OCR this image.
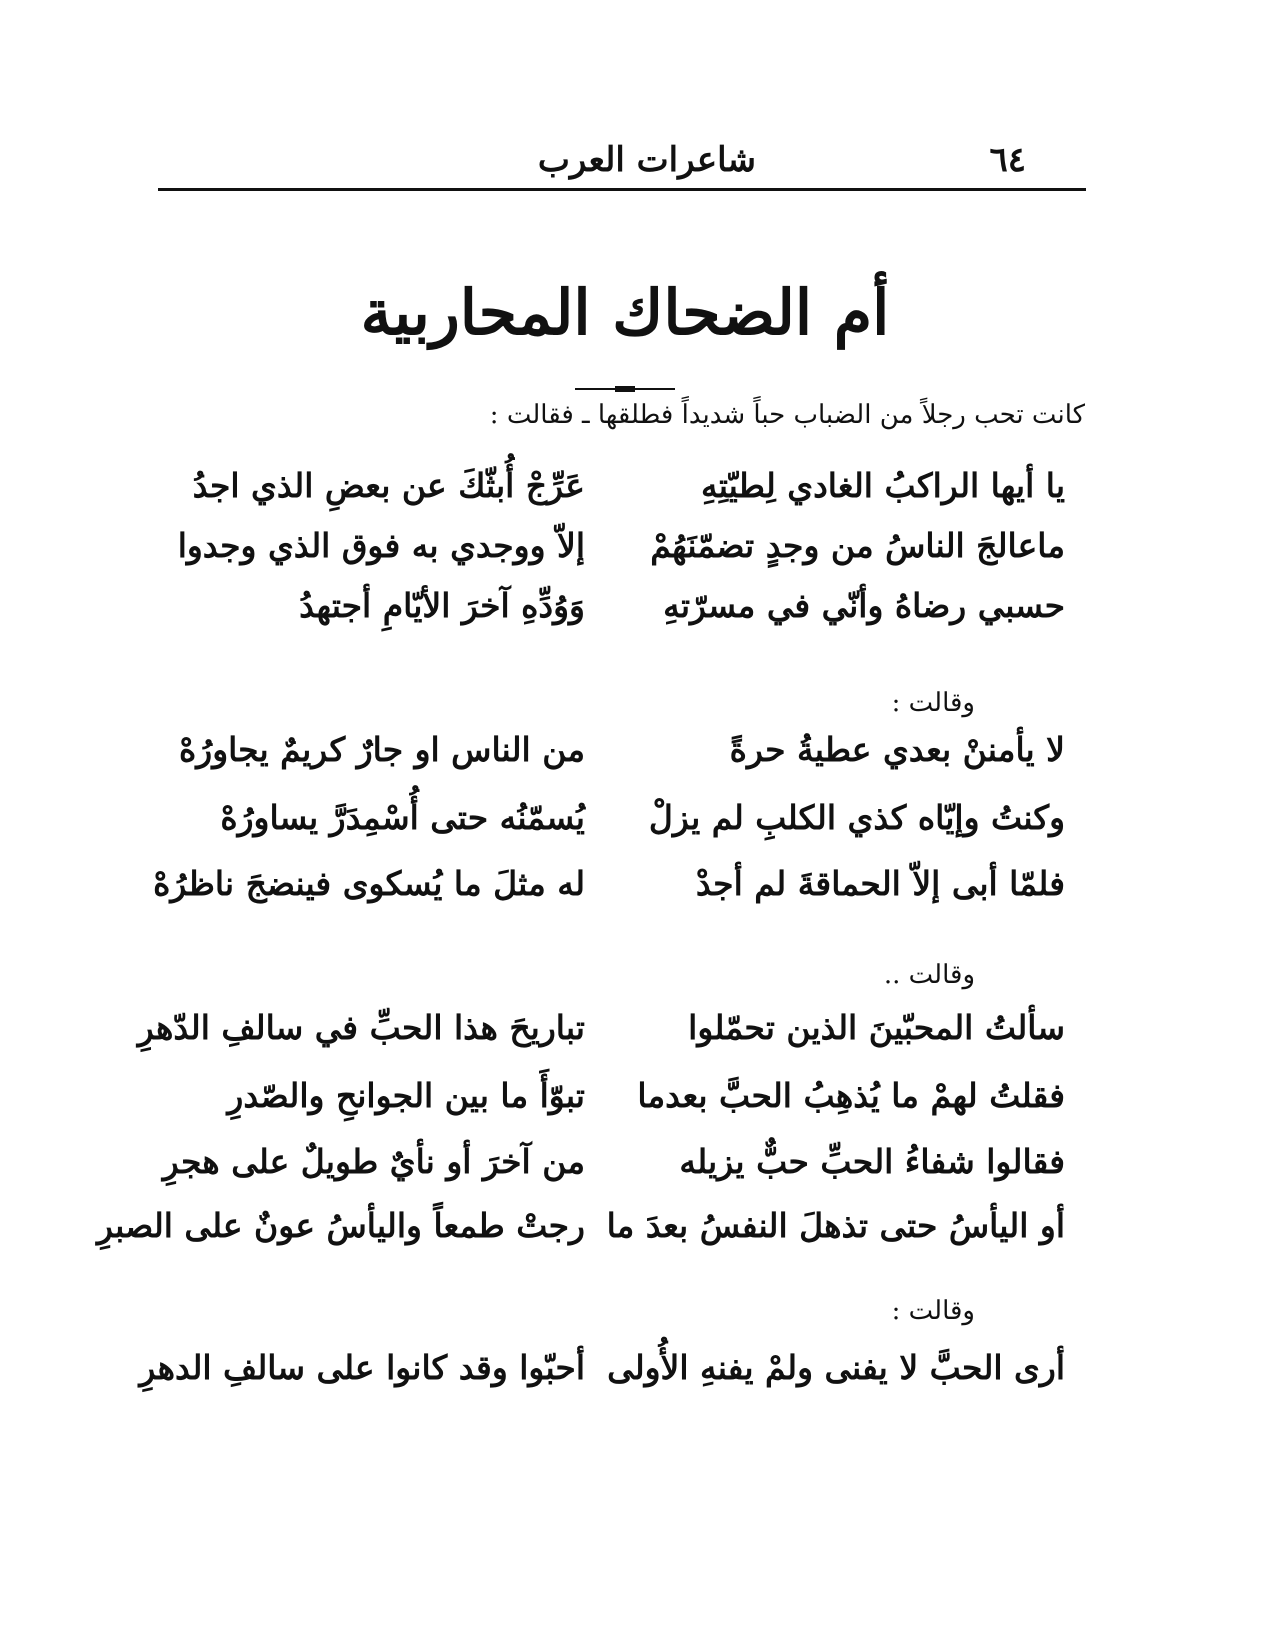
٦٤
شاعرات العرب
أم الضحاك المحاربية
كانت تحب رجلاً من الضباب حباً شديداً فطلقها ـ فقالت :
يا أيها الراكبُ الغادي لِطيّتِهِ
عَرِّجْ أُبثّكَ عن بعضِ الذي اجدُ
ماعالجَ الناسُ من وجدٍ تضمّنَهُمْ
إلاّ ووجدي به فوق الذي وجدوا
حسبي رضاهُ وأنّي في مسرّتهِ
وَوُدِّهِ آخرَ الأيّامِ أجتهدُ
وقالت :
لا يأمننْ بعدي عطيةُ حرةً
من الناس او جارٌ كريمٌ يجاورُهْ
وكنتُ وإيّاه كذي الكلبِ لم يزلْ
يُسمّنُه حتى أُسْمِدَرَّ يساورُهْ
فلمّا أبى إلاّ الحماقةَ لم أجدْ
له مثلَ ما يُسكوى فينضجَ ناظرُهْ
وقالت ..
سألتُ المحبّينَ الذين تحمّلوا
تباريحَ هذا الحبِّ في سالفِ الدّهرِ
فقلتُ لهمْ ما يُذهِبُ الحبَّ بعدما
تبوّأَ ما بين الجوانحِ والصّدرِ
فقالوا شفاءُ الحبِّ حبٌّ يزيله
من آخرَ أو نأيٌ طويلٌ على هجرِ
أو اليأسُ حتى تذهلَ النفسُ بعدَ ما
رجتْ طمعاً واليأسُ عونٌ على الصبرِ
وقالت :
أرى الحبَّ لا يفنى ولمْ يفنهِ الأُولى
أحبّوا وقد كانوا على سالفِ الدهرِ
